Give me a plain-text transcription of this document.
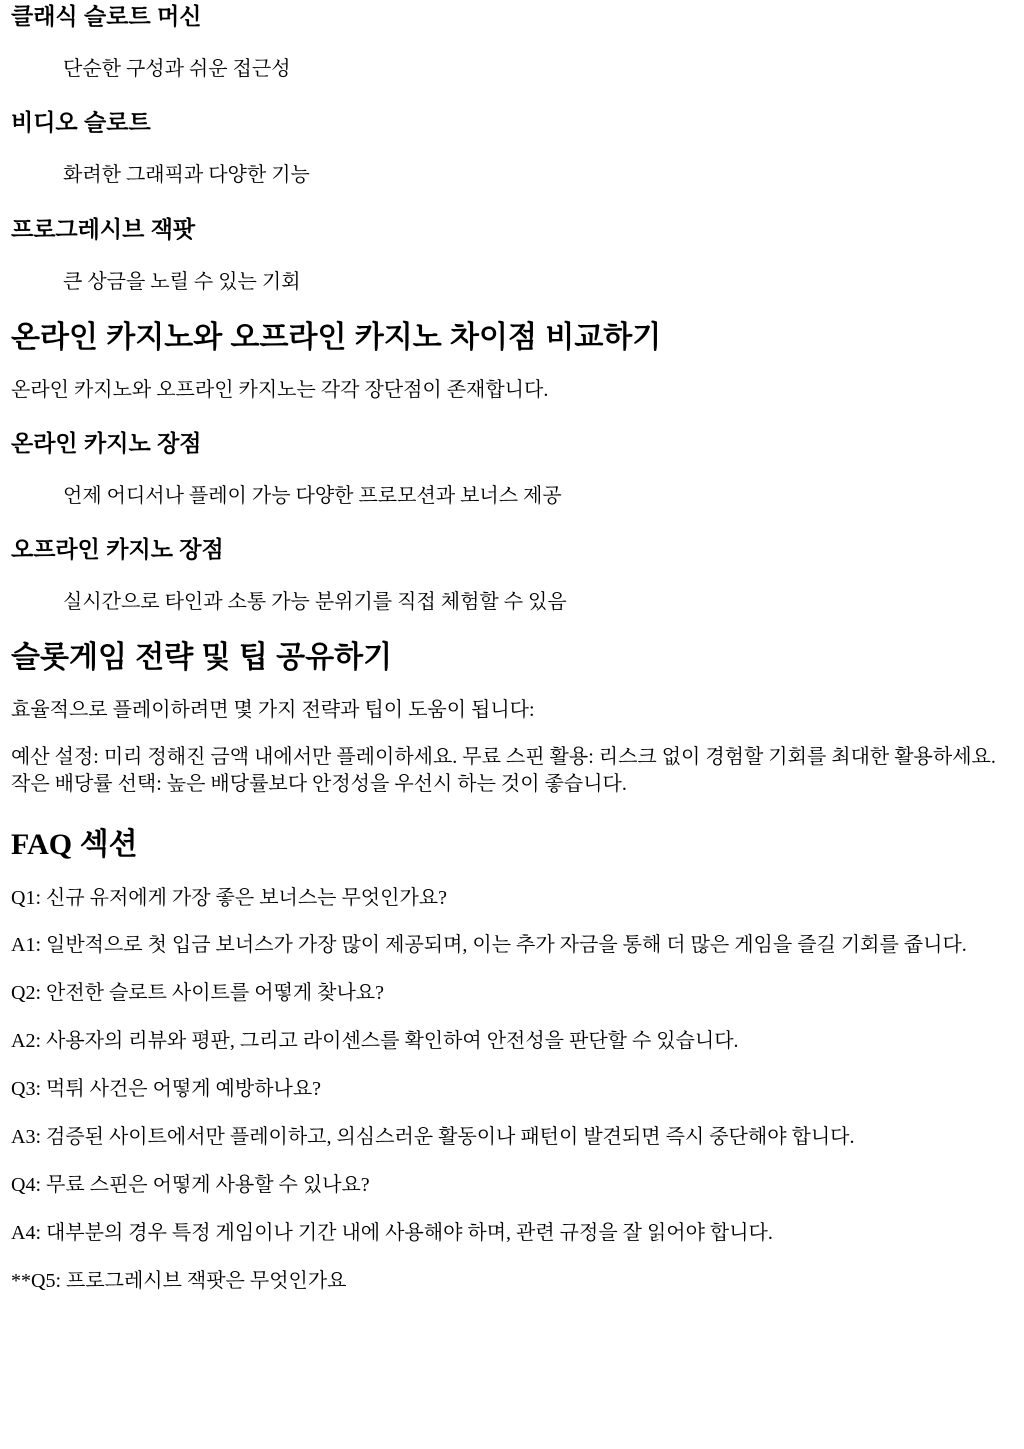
클래식 슬로트 머신
단순한 구성과 쉬운 접근성
비디오 슬로트
화려한 그래픽과 다양한 기능
프로그레시브 잭팟
큰 상금을 노릴 수 있는 기회
온라인 카지노와 오프라인 카지노 차이점 비교하기

온라인 카지노와 오프라인 카지노는 각각 장단점이 존재합니다.

온라인 카지노 장점
언제 어디서나 플레이 가능 다양한 프로모션과 보너스 제공
오프라인 카지노 장점
실시간으로 타인과 소통 가능 분위기를 직접 체험할 수 있음
슬롯게임 전략 및 팁 공유하기

효율적으로 플레이하려면 몇 가지 전략과 팁이 도움이 됩니다:

예산 설정: 미리 정해진 금액 내에서만 플레이하세요. 무료 스핀 활용: 리스크 없이 경험할 기회를 최대한 활용하세요. 작은 배당률 선택: 높은 배당률보다 안정성을 우선시 하는 것이 좋습니다.

FAQ 섹션

Q1: 신규 유저에게 가장 좋은 보너스는 무엇인가요?

A1: 일반적으로 첫 입금 보너스가 가장 많이 제공되며, 이는 추가 자금을 통해 더 많은 게임을 즐길 기회를 줍니다.

Q2: 안전한 슬로트 사이트를 어떻게 찾나요?

A2: 사용자의 리뷰와 평판, 그리고 라이센스를 확인하여 안전성을 판단할 수 있습니다.

Q3: 먹튀 사건은 어떻게 예방하나요?

A3: 검증된 사이트에서만 플레이하고, 의심스러운 활동이나 패턴이 발견되면 즉시 중단해야 합니다.

Q4: 무료 스핀은 어떻게 사용할 수 있나요?

A4: 대부분의 경우 특정 게임이나 기간 내에 사용해야 하며, 관련 규정을 잘 읽어야 합니다.

**Q5: 프로그레시브 잭팟은 무엇인가요
